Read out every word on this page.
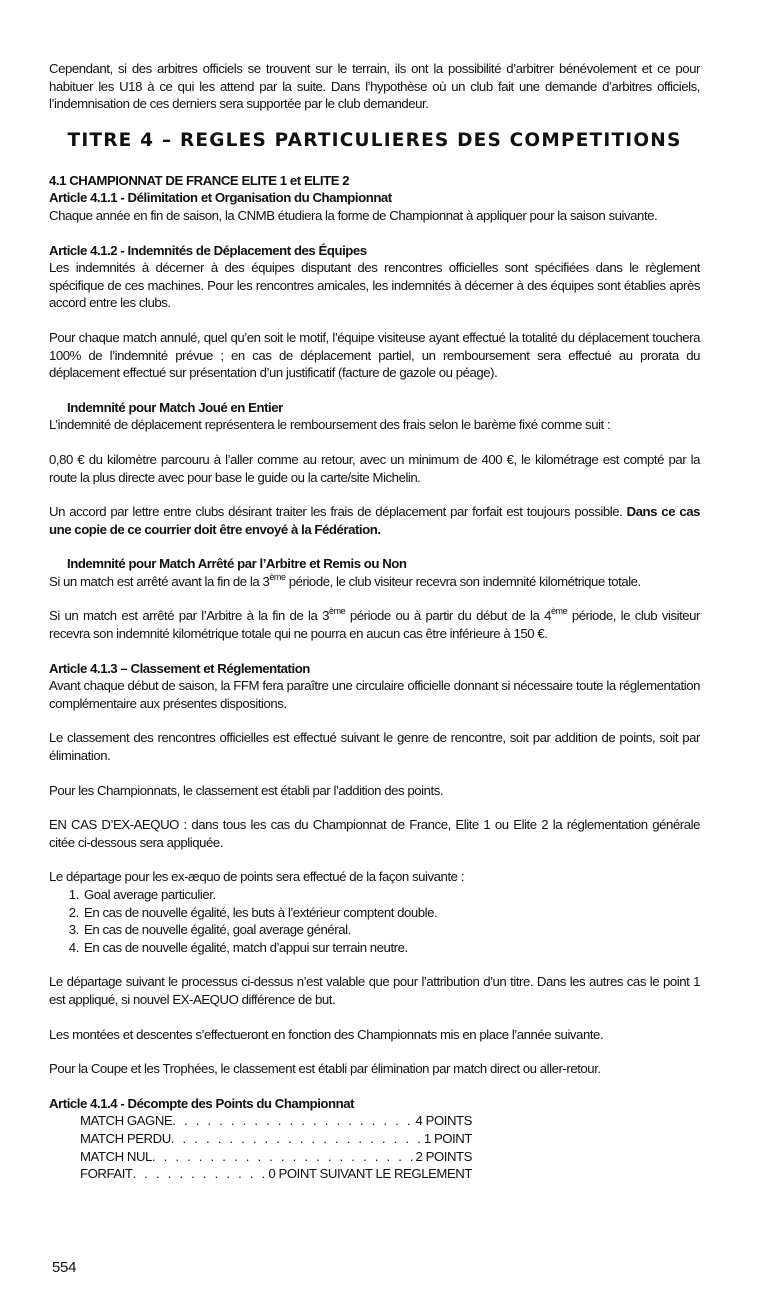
Cependant, si des arbitres officiels se trouvent sur le terrain, ils ont la possibilité d’arbitrer bénévolement et ce pour habituer les U18 à ce qui les attend par la suite. Dans l’hypothèse où un club fait une demande d’arbitres officiels, l’indemnisation de ces derniers sera supportée par le club demandeur.

TITRE 4 – REGLES PARTICULIERES DES COMPETITIONS

4.1 CHAMPIONNAT DE FRANCE ELITE 1 et ELITE 2

Article 4.1.1 - Délimitation et Organisation du Championnat

Chaque année en fin de saison, la CNMB étudiera la forme de Championnat à appliquer pour la saison suivante.

Article 4.1.2 - Indemnités de Déplacement des Équipes

Les indemnités à décerner à des équipes disputant des rencontres officielles sont spécifiées dans le règlement spécifique de ces machines. Pour les rencontres amicales, les indemnités à décerner à des équipes sont établies après accord entre les clubs.

Pour chaque match annulé, quel qu’en soit le motif, l’équipe visiteuse ayant effectué la totalité du déplacement touchera 100% de l’indemnité prévue ; en cas de déplacement partiel, un remboursement sera effectué au prorata du déplacement effectué sur présentation d’un justificatif (facture de gazole ou péage).

Indemnité pour Match Joué en Entier

L’indemnité de déplacement représentera le remboursement des frais selon le barème fixé comme suit :

0,80 € du kilomètre parcouru à l’aller comme au retour, avec un minimum de 400 €, le kilométrage est compté par la route la plus directe avec pour base le guide ou la carte/site Michelin.

Un accord par lettre entre clubs désirant traiter les frais de déplacement par forfait est toujours possible. Dans ce cas une copie de ce courrier doit être envoyé à la Fédération.

Indemnité pour Match Arrêté par l’Arbitre et Remis ou Non

Si un match est arrêté avant la fin de la 3ème période, le club visiteur recevra son indemnité kilométrique totale.

Si un match est arrêté par l’Arbitre à la fin de la 3ème période ou à partir du début de la 4ème période, le club visiteur recevra son indemnité kilométrique totale qui ne pourra en aucun cas être inférieure à 150 €.

Article 4.1.3 – Classement et Réglementation

Avant chaque début de saison, la FFM fera paraître une circulaire officielle donnant si nécessaire toute la réglementation complémentaire aux présentes dispositions.

Le classement des rencontres officielles est effectué suivant le genre de rencontre, soit par addition de points, soit par élimination.

Pour les Championnats, le classement est établi par l’addition des points.

EN CAS D’EX-AEQUO : dans tous les cas du Championnat de France, Elite 1 ou Elite 2 la réglementation générale citée ci-dessous sera appliquée.

Le départage pour les ex-æquo de points sera effectué de la façon suivante :

1. Goal average particulier.
2. En cas de nouvelle égalité, les buts à l’extérieur comptent double.
3. En cas de nouvelle égalité, goal average général.
4. En cas de nouvelle égalité, match d’appui sur terrain neutre.

Le départage suivant le processus ci-dessus n’est valable que pour l’attribution d’un titre. Dans les autres cas le point 1 est appliqué, si nouvel EX-AEQUO différence de but.

Les montées et descentes s’effectueront en fonction des Championnats mis en place l’année suivante.

Pour la Coupe et les Trophées, le classement est établi par élimination par match direct ou aller-retour.

Article 4.1.4 - Décompte des Points du Championnat

MATCH GAGNE . . .	4 POINTS
MATCH PERDU . . .	1 POINT
MATCH NUL . . .	2 POINTS
FORFAIT . . .	0 POINT SUIVANT LE REGLEMENT
554
